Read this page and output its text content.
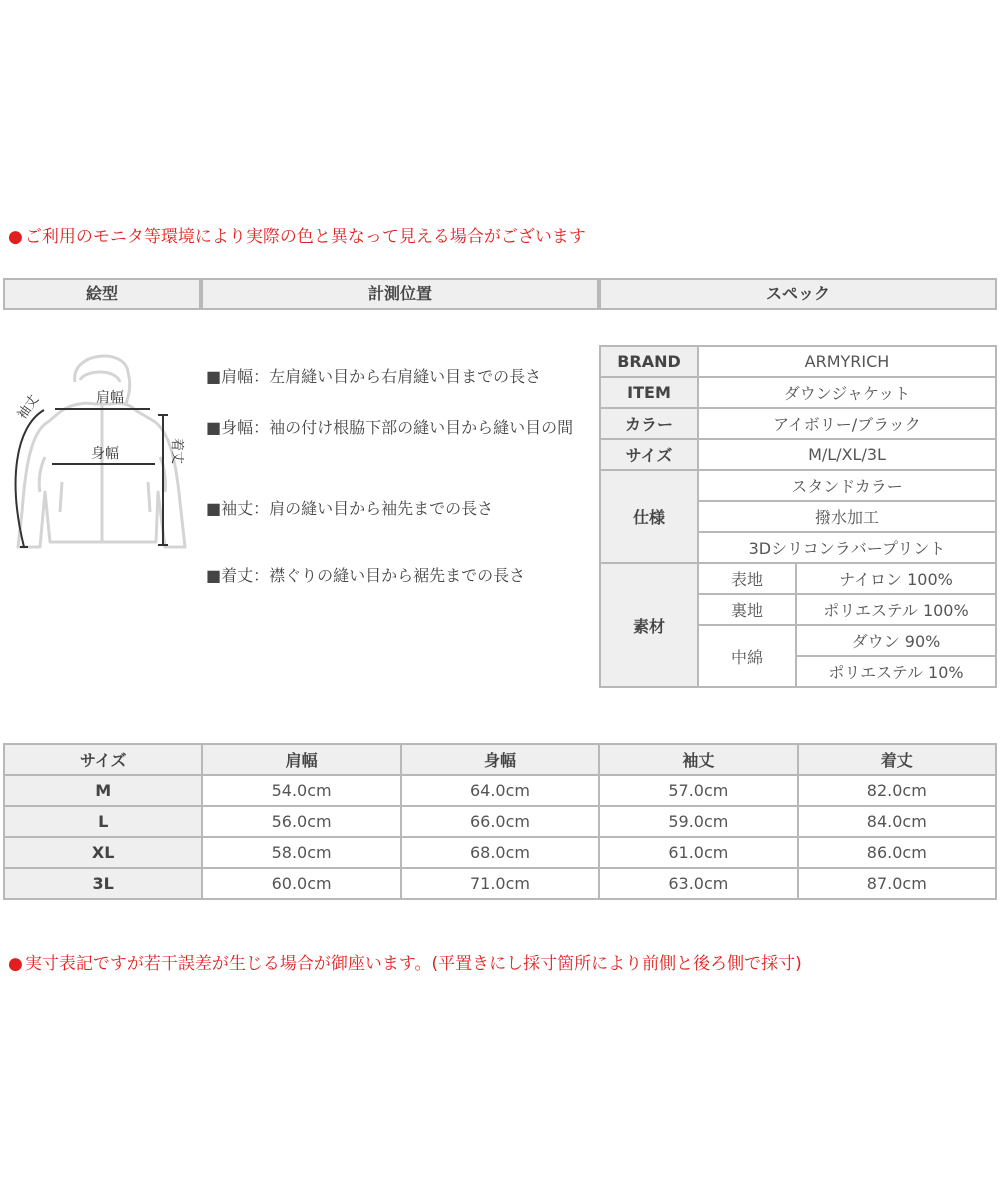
● ご利用のモニタ等環境により実際の色と異なって見える場合がございます
絵型	計測位置	スペック
肩幅
身幅
袖丈
着丈
■肩幅：左肩縫い目から右肩縫い目までの長さ
■身幅：袖の付け根脇下部の縫い目から縫い目の間
■袖丈：肩の縫い目から袖先までの長さ
■着丈：襟ぐりの縫い目から裾先までの長さ
BRAND	ARMYRICH	
ITEM	ダウンジャケット	
カラー	アイボリー/ブラック	
サイズ	M/L/XL/3L	
仕様	スタンドカラー	
	撥水加工	
	3Dシリコンラバープリント	
素材	表地	ナイロン 100%
	裏地	ポリエステル 100%
	中綿	ダウン 90%
		ポリエステル 10%
サイズ	肩幅	身幅	袖丈	着丈
M	54.0cm	64.0cm	57.0cm	82.0cm
L	56.0cm	66.0cm	59.0cm	84.0cm
XL	58.0cm	68.0cm	61.0cm	86.0cm
3L	60.0cm	71.0cm	63.0cm	87.0cm
● 実寸表記ですが若干誤差が生じる場合が御座います。(平置きにし採寸箇所により前側と後ろ側で採寸)
